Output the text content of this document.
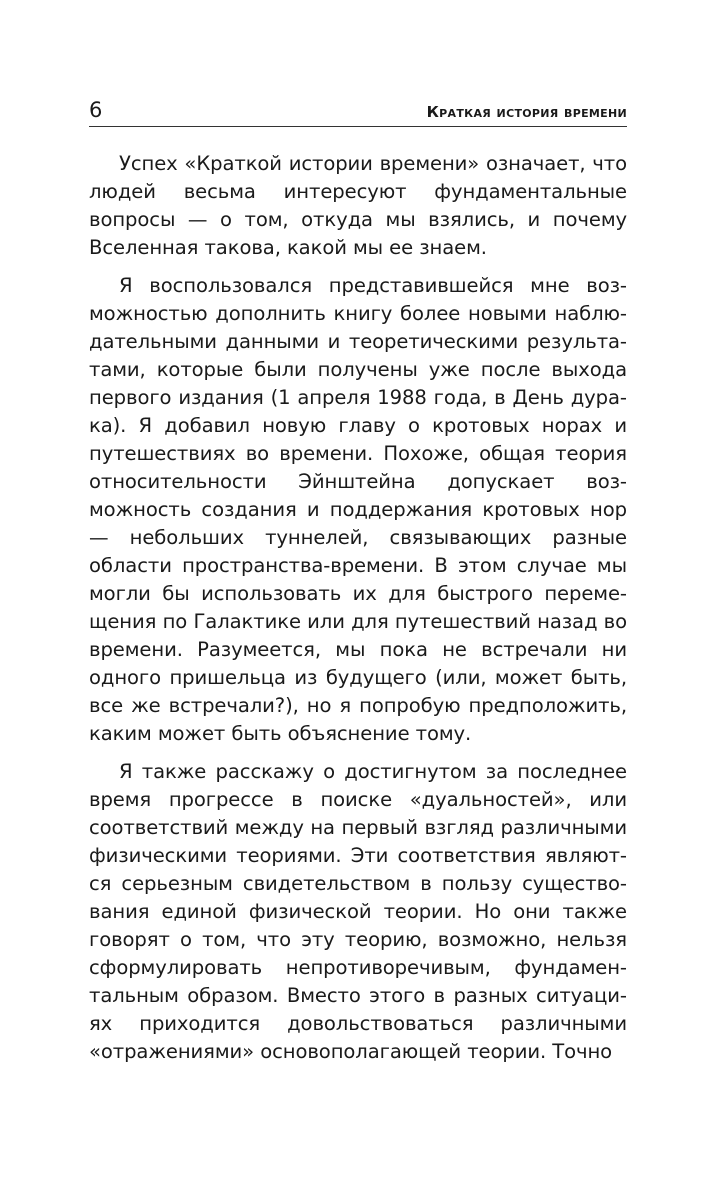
6	Краткая история времени

Успех «Краткой истории времени» означает, что людей весьма интересуют фундаментальные вопросы — о том, откуда мы взялись, и почему Вселенная такова, какой мы ее знаем.

Я воспользовался представившейся мне возможностью дополнить книгу более новыми наблюдательными данными и теоретическими результатами, которые были получены уже после выхода первого издания (1 апреля 1988 года, в День дурака). Я добавил новую главу о кротовых норах и путешествиях во времени. Похоже, общая теория относительности Эйнштейна допускает возможность создания и поддержания кротовых нор — небольших туннелей, связывающих разные области пространства-времени. В этом случае мы могли бы использовать их для быстрого перемещения по Галактике или для путешествий назад во времени. Разумеется, мы пока не встречали ни одного пришельца из будущего (или, может быть, все же встречали?), но я попробую предположить, каким может быть объяснение тому.

Я также расскажу о достигнутом за последнее время прогрессе в поиске «дуальностей», или соответствий между на первый взгляд различными физическими теориями. Эти соответствия являются серьезным свидетельством в пользу существования единой физической теории. Но они также говорят о том, что эту теорию, возможно, нельзя сформулировать непротиворечивым, фундаментальным образом. Вместо этого в разных ситуациях приходится довольствоваться различными «отражениями» основополагающей теории. Точно
